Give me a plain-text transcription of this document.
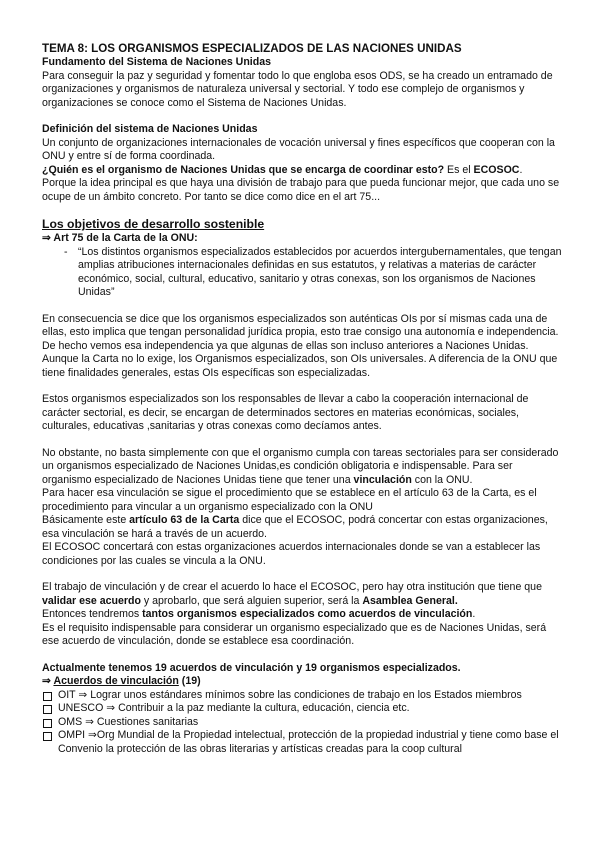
TEMA 8: LOS ORGANISMOS ESPECIALIZADOS DE LAS NACIONES UNIDAS

Fundamento del Sistema de Naciones Unidas

Para conseguir la paz y seguridad y fomentar todo lo que engloba esos ODS, se ha creado un entramado de organizaciones y organismos de naturaleza universal y sectorial. Y todo ese complejo de organismos y organizaciones se conoce como el Sistema de Naciones Unidas.

Definición del sistema de Naciones Unidas

Un conjunto de organizaciones internacionales de vocación universal y fines específicos que cooperan con la ONU y entre sí de forma coordinada.

¿Quién es el organismo de Naciones Unidas que se encarga de coordinar esto? Es el ECOSOC.

Porque la idea principal es que haya una división de trabajo para que pueda funcionar mejor, que cada uno se ocupe de un ámbito concreto. Por tanto se dice como dice en el art 75...

Los objetivos de desarrollo sostenible

⇒ Art 75 de la Carta de la ONU:

- “Los distintos organismos especializados establecidos por acuerdos intergubernamentales, que tengan amplias atribuciones internacionales definidas en sus estatutos, y relativas a materias de carácter económico, social, cultural, educativo, sanitario y otras conexas, son los organismos de Naciones Unidas”

En consecuencia se dice que los organismos especializados son auténticas OIs por sí mismas cada una de ellas, esto implica que tengan personalidad jurídica propia, esto trae consigo una autonomía e independencia. De hecho vemos esa independencia ya que algunas de ellas son incluso anteriores a Naciones Unidas. Aunque la Carta no lo exige, los Organismos especializados, son OIs universales. A diferencia de la ONU que tiene finalidades generales, estas OIs específicas son especializadas.

Estos organismos especializados son los responsables de llevar a cabo la cooperación internacional de carácter sectorial, es decir, se encargan de determinados sectores en materias económicas, sociales, culturales, educativas ,sanitarias y otras conexas como decíamos antes.

No obstante, no basta simplemente con que el organismo cumpla con tareas sectoriales para ser considerado un organismos especializado de Naciones Unidas,es condición obligatoria e indispensable. Para ser organismo especializado de Naciones Unidas tiene que tener una vinculación con la ONU.

Para hacer esa vinculación se sigue el procedimiento que se establece en el artículo 63 de la Carta, es el procedimiento para vincular a un organismo especializado con la ONU

Básicamente este artículo 63 de la Carta dice que el ECOSOC, podrá concertar con estas organizaciones, esa vinculación se hará a través de un acuerdo.

El ECOSOC concertará con estas organizaciones acuerdos internacionales donde se van a establecer las condiciones por las cuales se vincula a la ONU.

El trabajo de vinculación y de crear el acuerdo lo hace el ECOSOC, pero hay otra institución que tiene que validar ese acuerdo y aprobarlo, que será alguien superior, será la Asamblea General.

Entonces tendremos tantos organismos especializados como acuerdos de vinculación.

Es el requisito indispensable para considerar un organismo especializado que es de Naciones Unidas, será ese acuerdo de vinculación, donde se establece esa coordinación.

Actualmente tenemos 19 acuerdos de vinculación y 19 organismos especializados.

⇒ Acuerdos de vinculación (19)

OIT ⇒ Lograr unos estándares mínimos sobre las condiciones de trabajo en los Estados miembros
UNESCO ⇒ Contribuir a la paz mediante la cultura, educación, ciencia etc.
OMS ⇒ Cuestiones sanitarias
OMPI ⇒Org Mundial de la Propiedad intelectual, protección de la propiedad industrial y tiene como base el Convenio la protección de las obras literarias y artísticas creadas para la coop cultural
